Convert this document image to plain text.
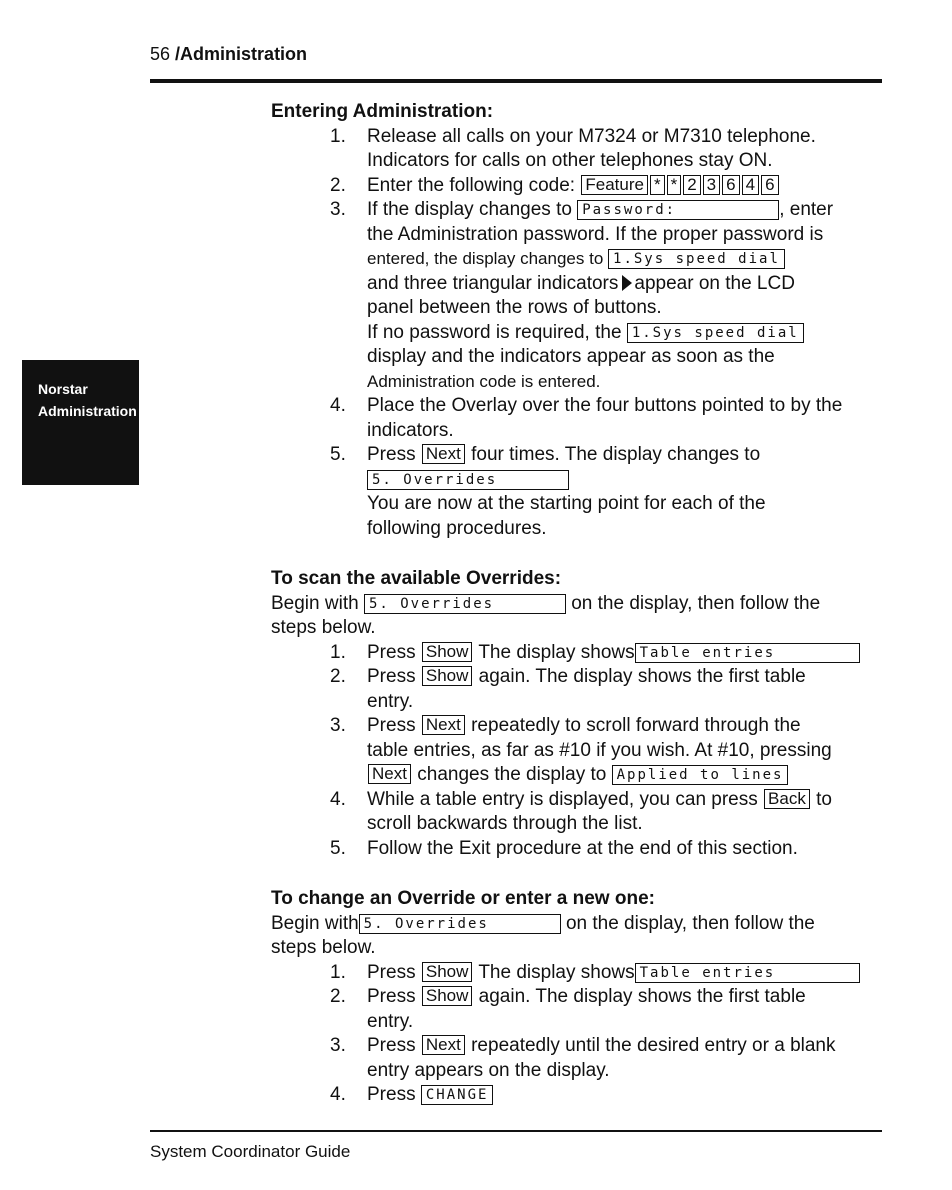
56 /Administration
Norstar
Administration

Entering Administration:

1. Release all calls on your M7324 or M7310 telephone.
Indicators for calls on other telephones stay ON.
2. Enter the following code: Feature * * 2 3 6 4 6
3. If the display changes to Password:	, enter
the Administration password. If the proper password is
entered, the display changes to 1.Sys speed dial
and three triangular indicators appear on the LCD
panel between the rows of buttons.
If no password is required, the 1.Sys speed dial
display and the indicators appear as soon as the
Administration code is entered.
4. Place the Overlay over the four buttons pointed to by the
indicators.
5. Press Next four times. The display changes to
5. Overrides
You are now at the starting point for each of the
following procedures.

To scan the available Overrides:

Begin with 5. Overrides	on the display, then follow the
steps below.
1. Press Show The display shows Table entries
2. Press Show again. The display shows the first table
entry.
3. Press Next repeatedly to scroll forward through the
table entries, as far as #10 if you wish. At #10, pressing
Next changes the display to Applied to lines
4. While a table entry is displayed, you can press Back to
scroll backwards through the list.
5. Follow the Exit procedure at the end of this section.

To change an Override or enter a new one:

Begin with 5. Overrides	on the display, then follow the
steps below.
1. Press Show The display shows Table entries
2. Press Show again. The display shows the first table
entry.
3. Press Next repeatedly until the desired entry or a blank
entry appears on the display.
4. Press CHANGE
System Coordinator Guide
